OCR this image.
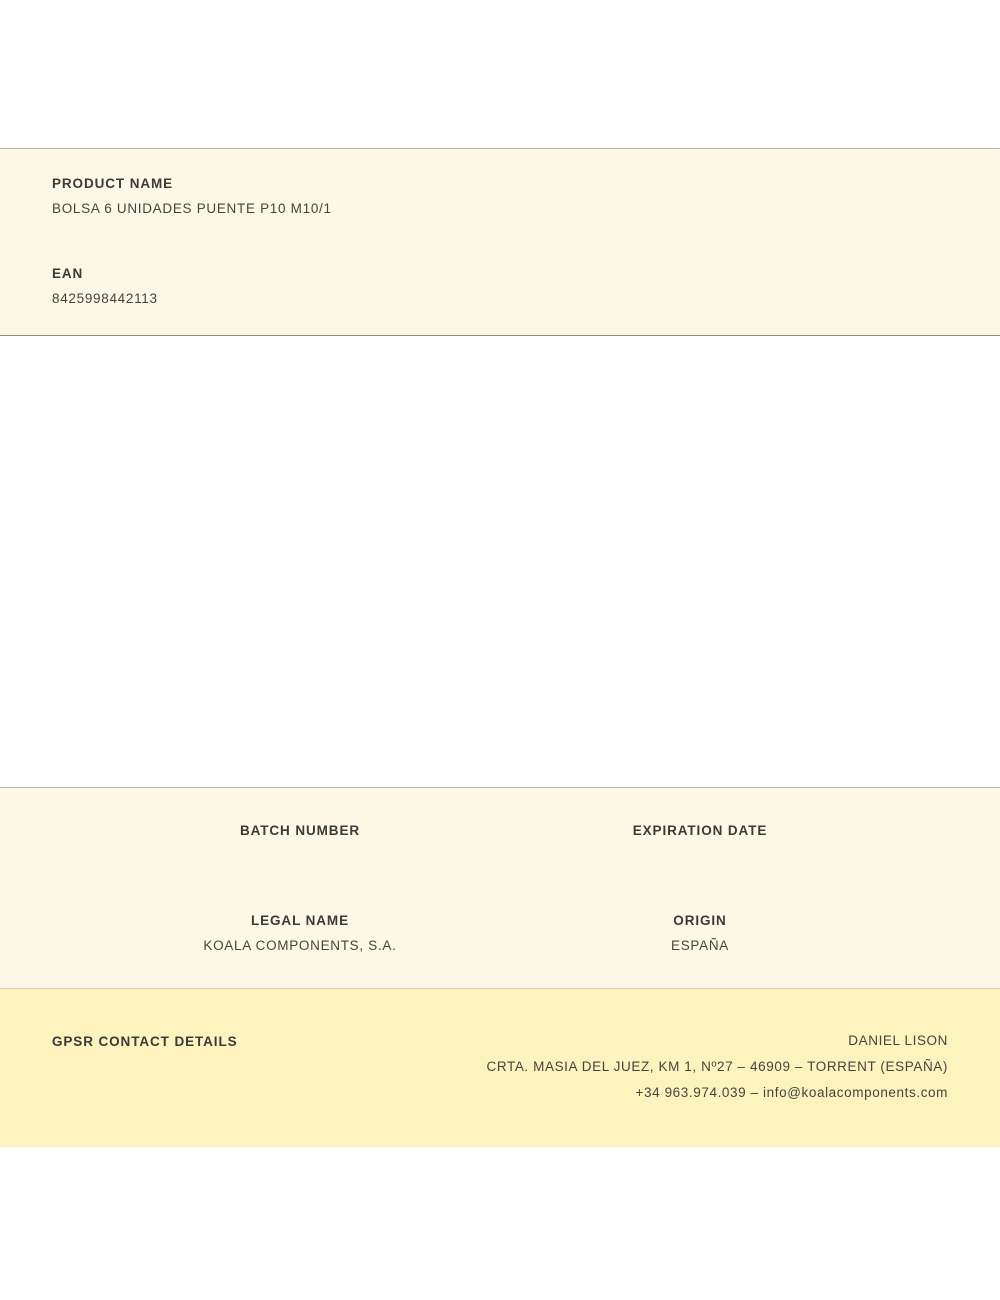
PRODUCT NAME

BOLSA 6 UNIDADES PUENTE P10 M10/1

EAN

8425998442113

BATCH NUMBER	EXPIRATION DATE

LEGAL NAME

KOALA COMPONENTS, S.A.

ORIGIN

ESPAÑA

GPSR CONTACT DETAILS	DANIEL LISON

CRTA. MASIA DEL JUEZ, KM 1, Nº27 – 46909 – TORRENT (ESPAÑA)

+34 963.974.039 – info@koalacomponents.com
